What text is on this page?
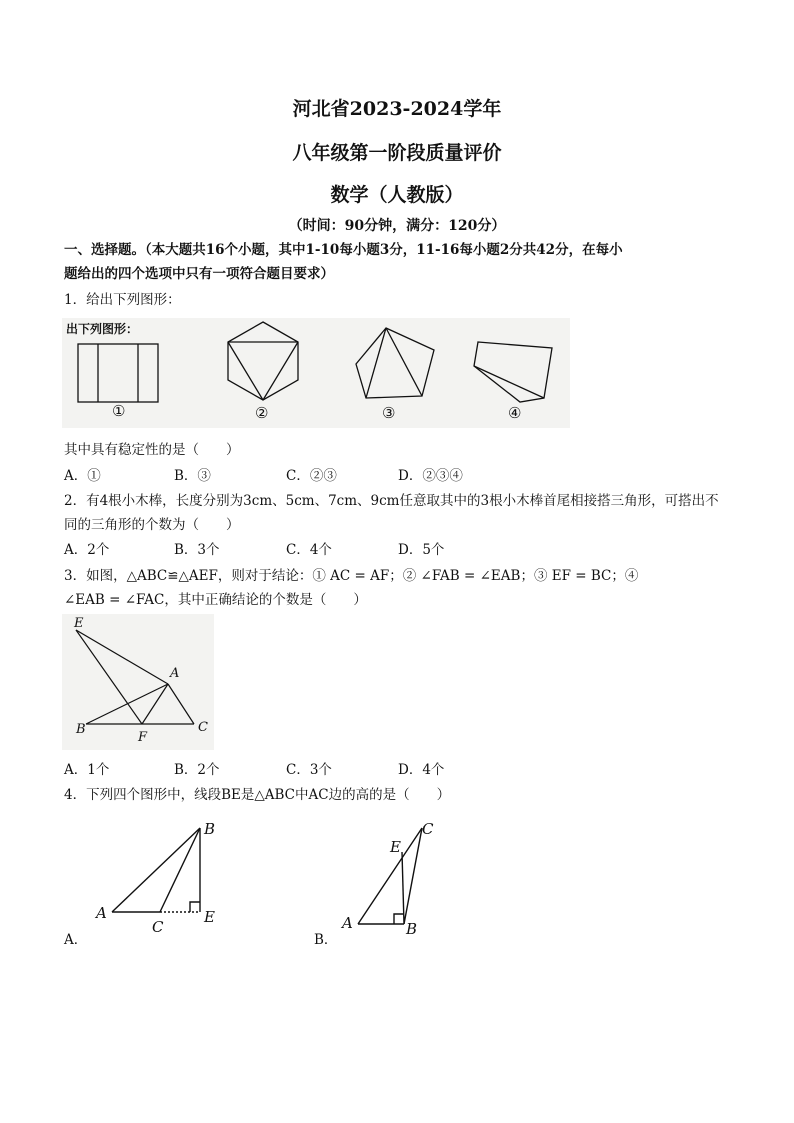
河北省2023-2024学年
八年级第一阶段质量评价
数学（人教版）
（时间：90分钟，满分：120分）
一、选择题。（本大题共16个小题，其中1-10每小题3分，11-16每小题2分共42分，在每小
题给出的四个选项中只有一项符合题目要求）
1．给出下列图形：
出下列图形：
①	②	③	④
其中具有稳定性的是（　　）
A．①	B．③	C．②③	D．②③④
2．有4根小木棒，长度分别为3cm、5cm、7cm、9cm任意取其中的3根小木棒首尾相接搭三角形，可搭出不
同的三角形的个数为（　　）
A．2个	B．3个	C．4个	D．5个
3．如图，△ABC≌△AEF，则对于结论：① AC = AF；② ∠FAB = ∠EAB；③ EF = BC；④
∠EAB = ∠FAC，其中正确结论的个数是（　　）
E
A
B
F
C
A．1个	B．2个	C．3个	D．4个
4．下列四个图形中，线段BE是△ABC中AC边的高的是（　　）
B
A
C
E
C
E
A	B
A．	B．
